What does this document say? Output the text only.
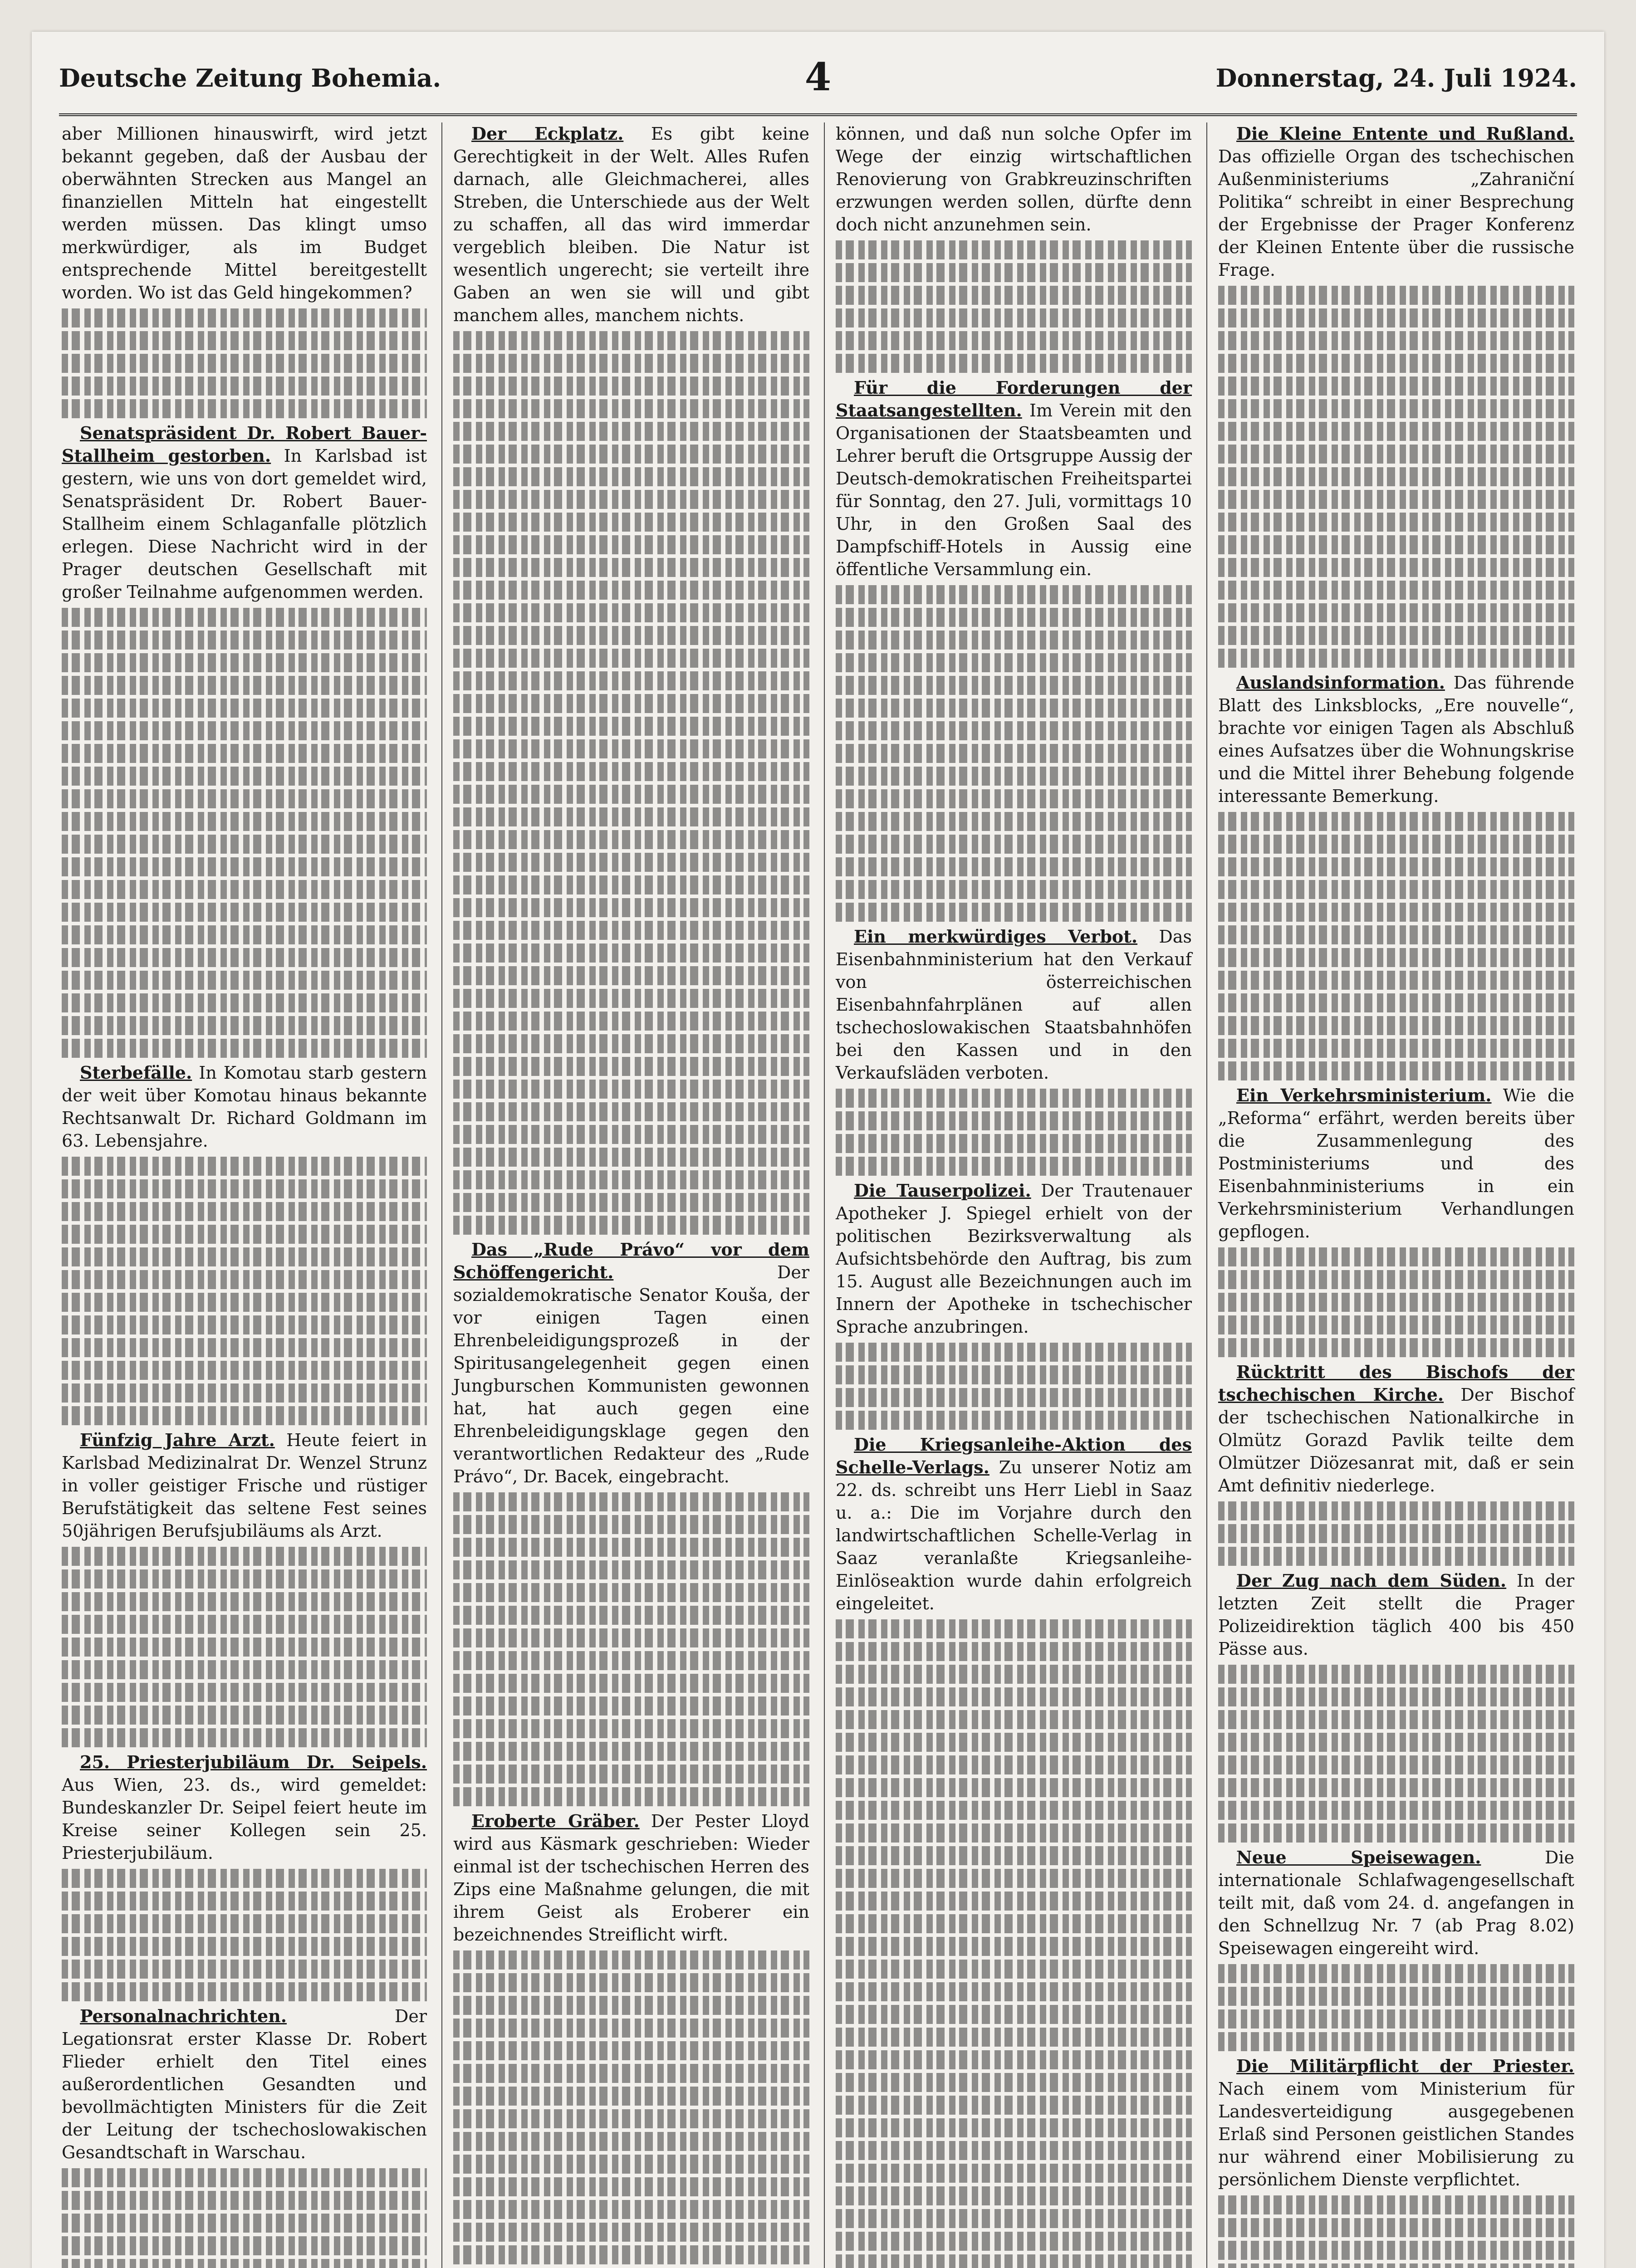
Deutsche Zeitung Bohemia.	4	Donnerstag, 24. Juli 1924.

aber Millionen hinauswirft, wird jetzt bekannt gegeben, daß der Ausbau der oberwähnten Strecken aus Mangel an finanziellen Mitteln hat eingestellt werden müssen. Das klingt umso merkwürdiger, als im Budget entsprechende Mittel bereitgestellt worden. Wo ist das Geld hingekommen?

Senatspräsident Dr. Robert Bauer-Stallheim gestorben. In Karlsbad ist gestern, wie uns von dort gemeldet wird, Senatspräsident Dr. Robert Bauer-Stallheim einem Schlaganfalle plötzlich erlegen. Diese Nachricht wird in der Prager deutschen Gesellschaft mit großer Teilnahme aufgenommen werden.

Sterbefälle. In Komotau starb gestern der weit über Komotau hinaus bekannte Rechtsanwalt Dr. Richard Goldmann im 63. Lebensjahre.

Fünfzig Jahre Arzt. Heute feiert in Karlsbad Medizinalrat Dr. Wenzel Strunz in voller geistiger Frische und rüstiger Berufstätigkeit das seltene Fest seines 50jährigen Berufsjubiläums als Arzt.

25. Priesterjubiläum Dr. Seipels. Aus Wien, 23. ds., wird gemeldet: Bundeskanzler Dr. Seipel feiert heute im Kreise seiner Kollegen sein 25. Priesterjubiläum.

Personalnachrichten.	Der Legationsrat erster Klasse Dr. Robert Flieder erhielt den Titel eines außerordentlichen Gesandten und bevollmächtigten Ministers für die Zeit der Leitung der tschechoslowakischen Gesandtschaft in Warschau.

Der Eckplatz. Es gibt keine Gerechtigkeit in der Welt. Alles Rufen darnach, alle Gleichmacherei, alles Streben, die Unterschiede aus der Welt zu schaffen, all das wird immerdar vergeblich bleiben. Die Natur ist wesentlich ungerecht; sie verteilt ihre Gaben an wen sie will und gibt manchem alles, manchem nichts.

Das „Rude Právo“ vor dem Schöffengericht.	Der sozialdemokratische Senator Kouša, der vor einigen Tagen einen Ehrenbeleidigungsprozeß in der Spiritusangelegenheit gegen einen Jungburschen Kommunisten gewonnen hat, hat auch gegen eine Ehrenbeleidigungsklage gegen den verantwortlichen Redakteur des „Rude Právo“, Dr. Bacek, eingebracht.

Eroberte Gräber. Der Pester Lloyd wird aus Käsmark geschrieben: Wieder einmal ist der tschechischen Herren des Zips eine Maßnahme gelungen, die mit ihrem Geist als Eroberer ein bezeichnendes Streiflicht wirft.

können, und daß nun solche Opfer im Wege der einzig wirtschaftlichen Renovierung von Grabkreuzinschriften erzwungen werden sollen, dürfte denn doch nicht anzunehmen sein.

Für die Forderungen der Staatsangestellten. Im Verein mit den Organisationen der Staatsbeamten und Lehrer beruft die Ortsgruppe Aussig der Deutsch-demokratischen Freiheitspartei für Sonntag, den 27. Juli, vormittags 10 Uhr, in den Großen Saal des Dampfschiff-Hotels in Aussig eine öffentliche Versammlung ein.

Ein merkwürdiges Verbot. Das Eisenbahnministerium hat den Verkauf von österreichischen Eisenbahnfahrplänen auf allen tschechoslowakischen Staatsbahnhöfen bei den Kassen und in den Verkaufsläden verboten.

Die Tauserpolizei. Der Trautenauer Apotheker J. Spiegel erhielt von der politischen Bezirksverwaltung als Aufsichtsbehörde den Auftrag, bis zum 15. August alle Bezeichnungen auch im Innern der Apotheke in tschechischer Sprache anzubringen.

Die Kriegsanleihe-Aktion des Schelle-Verlags. Zu unserer Notiz am 22. ds. schreibt uns Herr Liebl in Saaz u. a.: Die im Vorjahre durch den landwirtschaftlichen Schelle-Verlag in Saaz veranlaßte Kriegsanleihe-Einlöseaktion wurde dahin erfolgreich eingeleitet.

Die Kleine Entente und Rußland. Das offizielle Organ des tschechischen Außenministeriums „Zahraniční Politika“ schreibt in einer Besprechung der Ergebnisse der Prager Konferenz der Kleinen Entente über die russische Frage.

Auslandsinformation. Das führende Blatt des Linksblocks, „Ere nouvelle“, brachte vor einigen Tagen als Abschluß eines Aufsatzes über die Wohnungskrise und die Mittel ihrer Behebung folgende interessante Bemerkung.

Ein Verkehrsministerium. Wie die „Reforma“ erfährt, werden bereits über die Zusammenlegung des Postministeriums und des Eisenbahnministeriums in ein Verkehrsministerium Verhandlungen gepflogen.

Rücktritt des Bischofs der tschechischen Kirche. Der Bischof der tschechischen Nationalkirche in Olmütz Gorazd Pavlik teilte dem Olmützer Diözesanrat mit, daß er sein Amt definitiv niederlege.

Der Zug nach dem Süden. In der letzten Zeit stellt die Prager Polizeidirektion täglich 400 bis 450 Pässe aus.

Neue Speisewagen.	Die internationale Schlafwagengesellschaft teilt mit, daß vom 24. d. angefangen in den Schnellzug Nr. 7 (ab Prag 8.02) Speisewagen eingereiht wird.

Die Militärpflicht der Priester. Nach einem vom Ministerium für Landesverteidigung ausgegebenen Erlaß sind Personen geistlichen Standes nur während einer Mobilisierung zu persönlichem Dienste verpflichtet.
